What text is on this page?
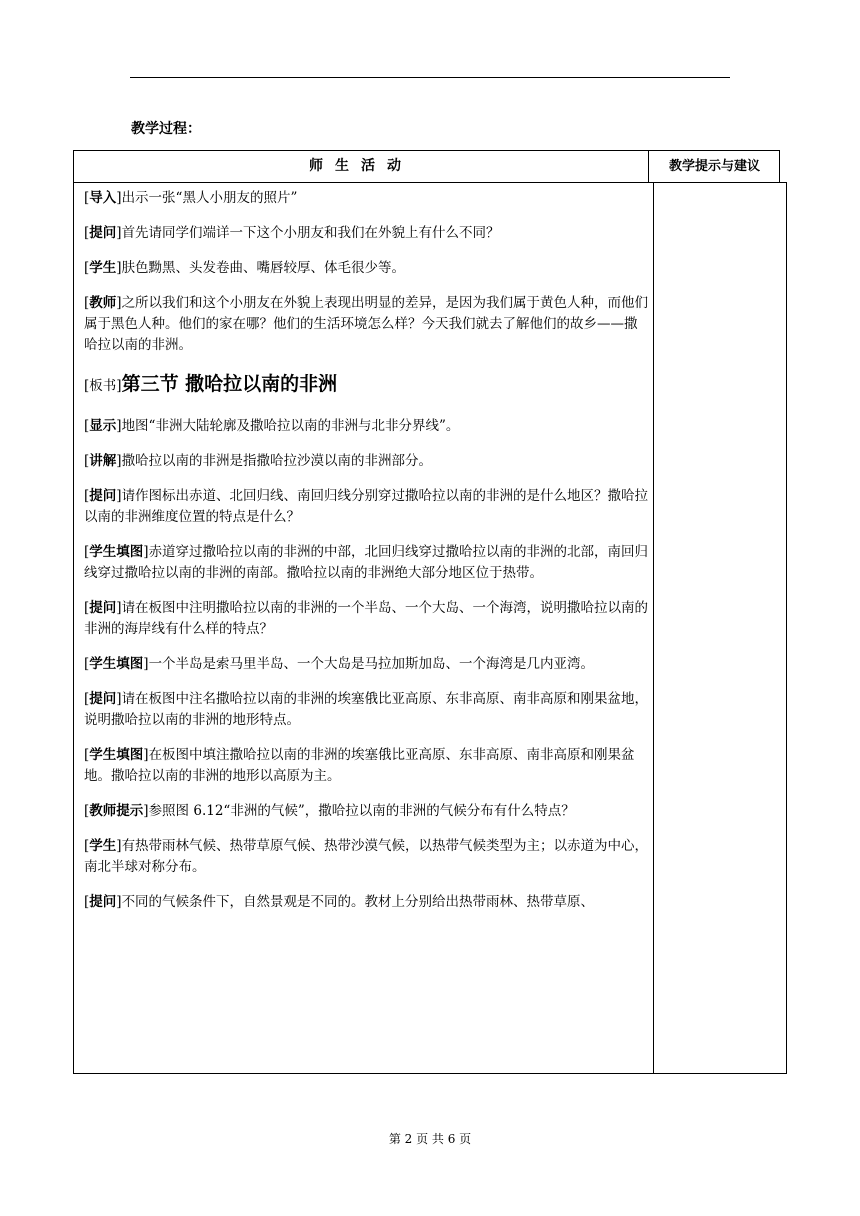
教学过程：
师生活动	教学提示与建议

[导入]出示一张“黑人小朋友的照片”

[提问]首先请同学们端详一下这个小朋友和我们在外貌上有什么不同？

[学生]肤色黝黑、头发卷曲、嘴唇较厚、体毛很少等。

[教师]之所以我们和这个小朋友在外貌上表现出明显的差异，是因为我们属于黄色人种，而他们属于黑色人种。他们的家在哪？他们的生活环境怎么样？今天我们就去了解他们的故乡——撒哈拉以南的非洲。

[板书]第三节 撒哈拉以南的非洲

[显示]地图“非洲大陆轮廓及撒哈拉以南的非洲与北非分界线”。

[讲解]撒哈拉以南的非洲是指撒哈拉沙漠以南的非洲部分。

[提问]请作图标出赤道、北回归线、南回归线分别穿过撒哈拉以南的非洲的是什么地区？撒哈拉以南的非洲维度位置的特点是什么？

[学生填图]赤道穿过撒哈拉以南的非洲的中部，北回归线穿过撒哈拉以南的非洲的北部，南回归线穿过撒哈拉以南的非洲的南部。撒哈拉以南的非洲绝大部分地区位于热带。

[提问]请在板图中注明撒哈拉以南的非洲的一个半岛、一个大岛、一个海湾，说明撒哈拉以南的非洲的海岸线有什么样的特点？

[学生填图]一个半岛是索马里半岛、一个大岛是马拉加斯加岛、一个海湾是几内亚湾。

[提问]请在板图中注名撒哈拉以南的非洲的埃塞俄比亚高原、东非高原、南非高原和刚果盆地，说明撒哈拉以南的非洲的地形特点。

[学生填图]在板图中填注撒哈拉以南的非洲的埃塞俄比亚高原、东非高原、南非高原和刚果盆地。撒哈拉以南的非洲的地形以高原为主。

[教师提示]参照图 6.12“非洲的气候”，撒哈拉以南的非洲的气候分布有什么特点？

[学生]有热带雨林气候、热带草原气候、热带沙漠气候，以热带气候类型为主；以赤道为中心，南北半球对称分布。

[提问]不同的气候条件下，自然景观是不同的。教材上分别给出热带雨林、热带草原、

第 2 页 共 6 页
